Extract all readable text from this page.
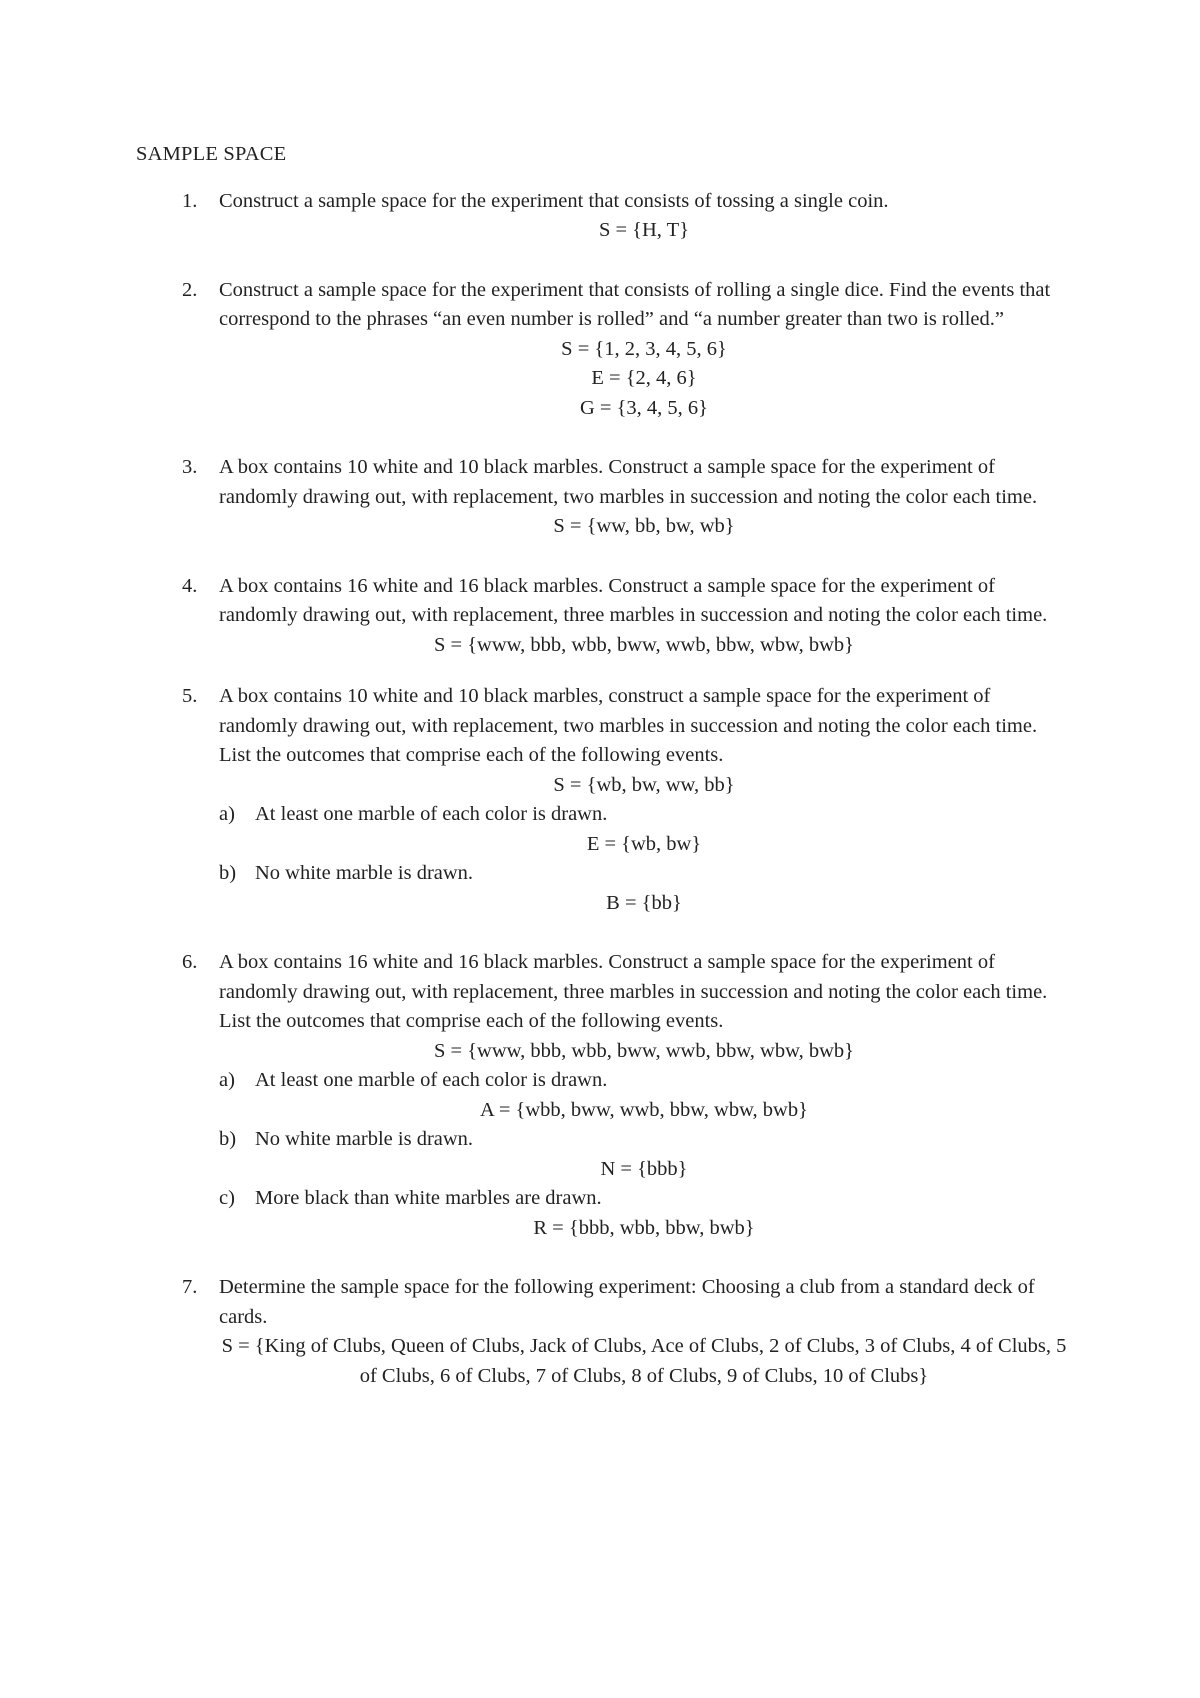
SAMPLE SPACE
1. Construct a sample space for the experiment that consists of tossing a single coin.
S = {H, T}
2. Construct a sample space for the experiment that consists of rolling a single dice. Find the events that correspond to the phrases “an even number is rolled” and “a number greater than two is rolled.”
S = {1, 2, 3, 4, 5, 6}
E = {2, 4, 6}
G = {3, 4, 5, 6}
3. A box contains 10 white and 10 black marbles. Construct a sample space for the experiment of randomly drawing out, with replacement, two marbles in succession and noting the color each time.
S = {ww, bb, bw, wb}
4. A box contains 16 white and 16 black marbles. Construct a sample space for the experiment of randomly drawing out, with replacement, three marbles in succession and noting the color each time.
S = {www, bbb, wbb, bww, wwb, bbw, wbw, bwb}
5. A box contains 10 white and 10 black marbles, construct a sample space for the experiment of randomly drawing out, with replacement, two marbles in succession and noting the color each time. List the outcomes that comprise each of the following events.
S = {wb, bw, ww, bb}
a) At least one marble of each color is drawn.
E = {wb, bw}
b) No white marble is drawn.
B = {bb}
6. A box contains 16 white and 16 black marbles. Construct a sample space for the experiment of randomly drawing out, with replacement, three marbles in succession and noting the color each time. List the outcomes that comprise each of the following events.
S = {www, bbb, wbb, bww, wwb, bbw, wbw, bwb}
a) At least one marble of each color is drawn.
A = {wbb, bww, wwb, bbw, wbw, bwb}
b) No white marble is drawn.
N = {bbb}
c) More black than white marbles are drawn.
R = {bbb, wbb, bbw, bwb}
7. Determine the sample space for the following experiment: Choosing a club from a standard deck of cards.
S = {King of Clubs, Queen of Clubs, Jack of Clubs, Ace of Clubs, 2 of Clubs, 3 of Clubs, 4 of Clubs, 5 of Clubs, 6 of Clubs, 7 of Clubs, 8 of Clubs, 9 of Clubs, 10 of Clubs}
